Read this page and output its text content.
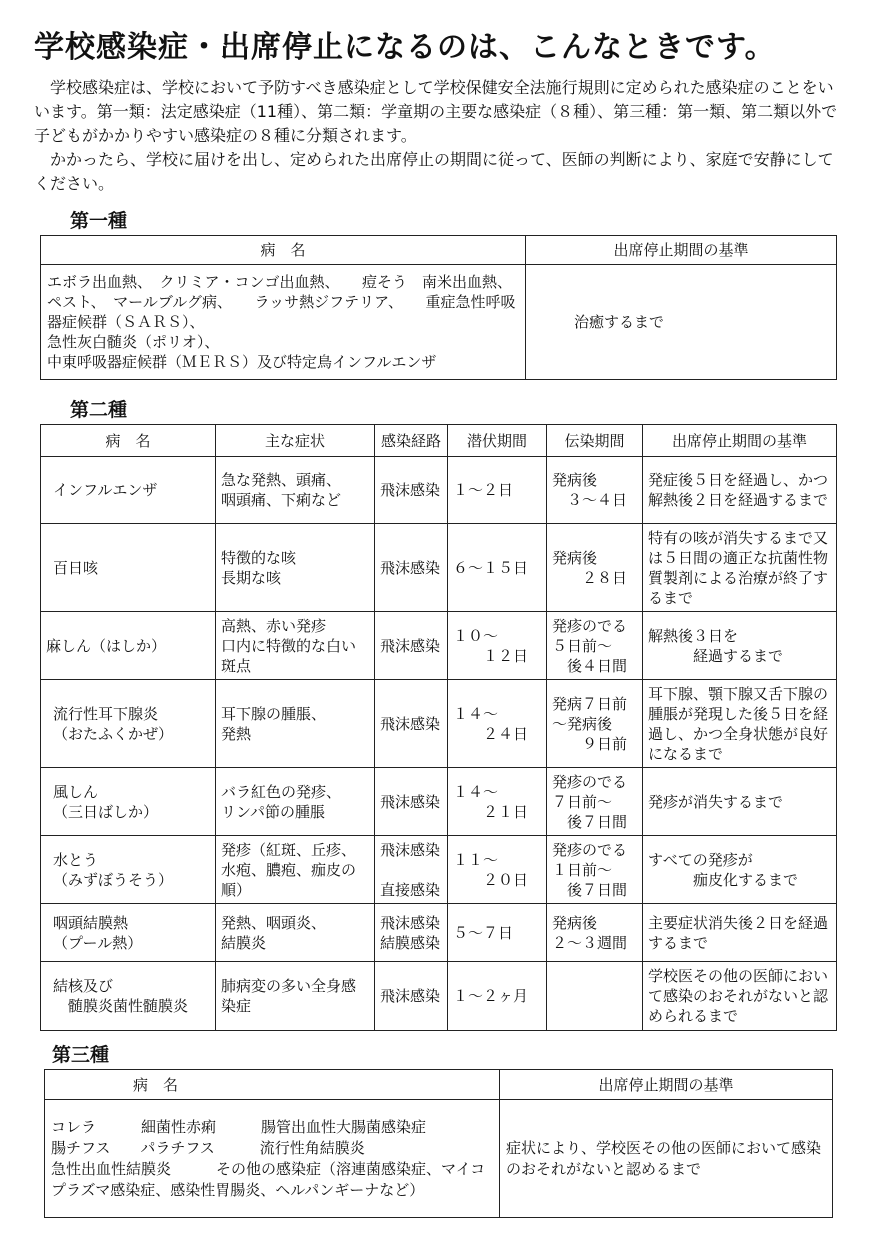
学校感染症・出席停止になるのは、こんなときです。

学校感染症は、学校において予防すべき感染症として学校保健安全法施行規則に定められた感染症のことをいいます。第一類：法定感染症（11種）、第二類：学童期の主要な感染症（８種）、第三種：第一類、第二類以外で子どもがかかりやすい感染症の８種に分類されます。

かかったら、学校に届けを出し、定められた出席停止の期間に従って、医師の判断により、家庭で安静にしてください。

第一種
病　名	出席停止期間の基準
エボラ出血熱、　クリミア・コンゴ出血熱、　　痘そう　南米出血熱、　　ペスト、　マールブルグ病、　　ラッサ熱ジフテリア、　　重症急性呼吸器症候群（ＳＡＲＳ）、
急性灰白髄炎（ポリオ）、
中東呼吸器症候群（ＭＥＲＳ）及び特定鳥インフルエンザ	治癒するまで
第二種
病　名	主な症状	感染経路	潜伏期間	伝染期間	出席停止期間の基準
インフルエンザ	急な発熱、頭痛、
咽頭痛、下痢など	飛沫感染	１～２日	発病後
　３～４日	発症後５日を経過し、かつ解熱後２日を経過するまで
百日咳	特徴的な咳
長期な咳	飛沫感染	６～１５日	発病後
　　２８日	特有の咳が消失するまで又は５日間の適正な抗菌性物質製剤による治療が終了するまで
麻しん（はしか）	高熱、赤い発疹
口内に特徴的な白い斑点	飛沫感染	１０～
　　１２日	発疹のでる
５日前～
　後４日間	解熱後３日を
　　　経過するまで
流行性耳下腺炎
（おたふくかぜ）	耳下腺の腫脹、
発熱	飛沫感染	１４～
　　２４日	発病７日前
～発病後
　　９日前	耳下腺、顎下腺又舌下腺の腫脹が発現した後５日を経過し、かつ全身状態が良好になるまで
風しん
（三日ばしか）	バラ紅色の発疹、
リンパ節の腫脹	飛沫感染	１４～
　　２１日	発疹のでる
７日前～
　後７日間	発疹が消失するまで
水とう
（みずぼうそう）	発疹（紅斑、丘疹、水疱、膿疱、痂皮の順）	飛沫感染

直接感染	１１～
　　２０日	発疹のでる
１日前～
　後７日間	すべての発疹が
　　　痂皮化するまで
咽頭結膜熱
（プール熱）	発熱、咽頭炎、
結膜炎	飛沫感染
結膜感染	５～７日	発病後
２～３週間	主要症状消失後２日を経過するまで
結核及び
　髄膜炎菌性髄膜炎	肺病変の多い全身感染症	飛沫感染	１～２ヶ月		学校医その他の医師において感染のおそれがないと認められるまで
第三種
病　名	出席停止期間の基準
コレラ　　　細菌性赤痢　　　腸管出血性大腸菌感染症
腸チフス　　パラチフス　　　流行性角結膜炎
急性出血性結膜炎　　　その他の感染症（溶連菌感染症、マイコプラズマ感染症、感染性胃腸炎、ヘルパンギーナなど）	症状により、学校医その他の医師において感染のおそれがないと認めるまで
